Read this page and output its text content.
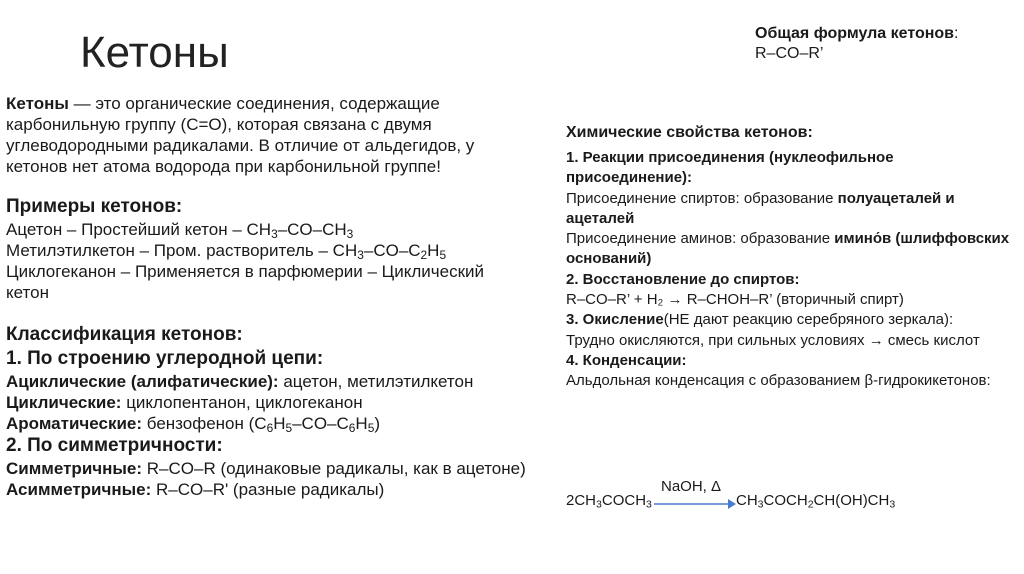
Кетоны	Общая формула кетонов:
R–CO–R’

Кетоны — это органические соединения, содержащие карбонильную группу (С=О), которая связана с двумя углеводородными радикалами. В отличие от альдегидов, у кетонов нет атома водорода при карбонильной группе!

Примеры кетонов:

Ацетон – Простейший кетон – $CH_3-CO-CH_3$

Метилэтилкетон – Пром. растворитель – $CH_3-CO-C_2H_5$

Циклогеканон – Применяется в парфюмерии – Циклический кетон

Классификация кетонов:

1. По строению углеродной цепи:

Ациклические (алифатические): ацетон, метилэтилкетон

Циклические: циклопентанон, циклогеканон

Ароматические: бензофенон $(C_6H_5-CO-C_6H_5)$

2. По симметричности:

Симметричные: R–CO–R (одинаковые радикалы, как в ацетоне)

Асимметричные: R–CO–R' (разные радикалы)

Химические свойства кетонов:

1. Реакции присоединения (нуклеофильное присоединение):

Присоединение спиртов: образование полуацеталей и ацеталей

Присоединение аминов: образование имино́в (шлиффовских оснований)

2. Восстановление до спиртов:

R–CO–R’ + H₂ → R–CHOH–R’ (вторичный спирт)

3. Окисление(НЕ дают реакцию серебряного зеркала):

Трудно окисляются, при сильных условиях → смесь кислот

4. Конденсации:

Альдольная конденсация с образованием β-гидрокикетонов:

$2CH_3COCH_3$
NaOH, Δ
$CH_3COCH_2CH(OH)CH_3$
